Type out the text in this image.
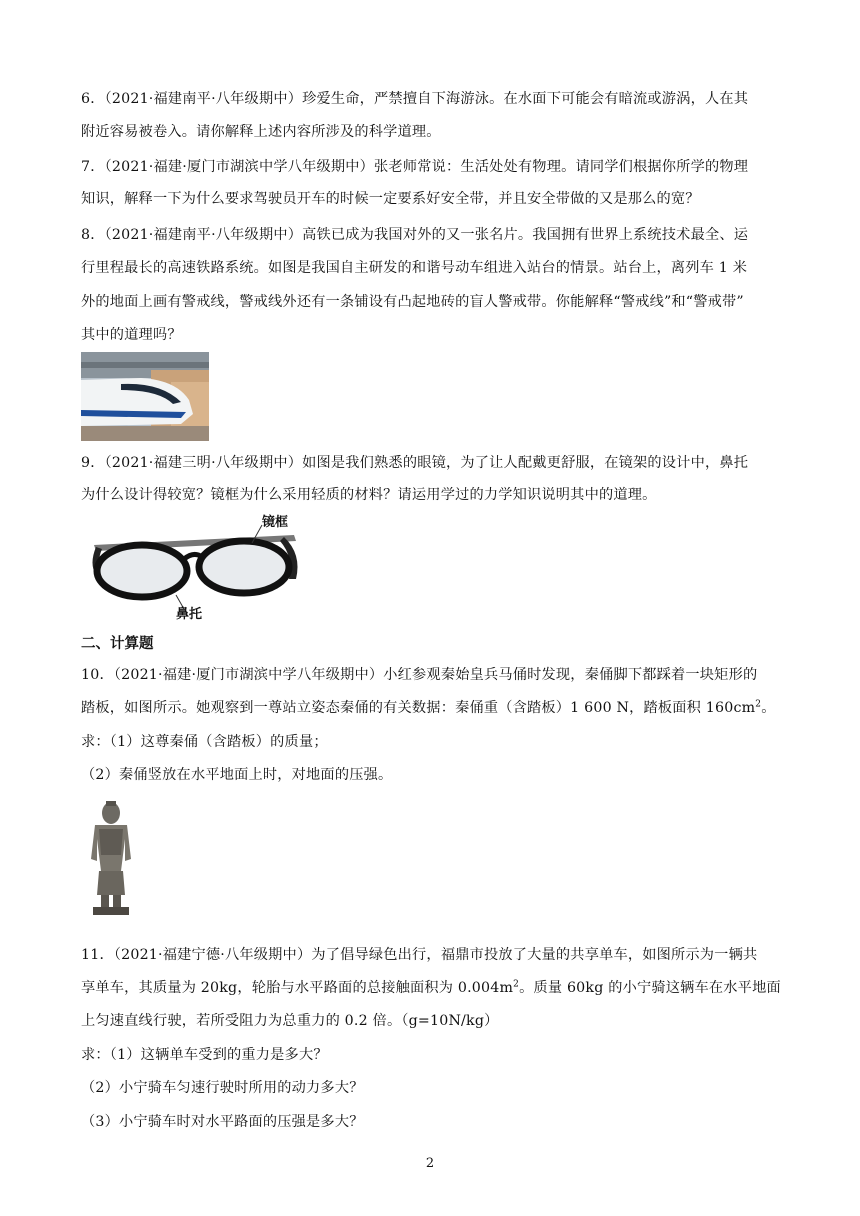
6．（2021·福建南平·八年级期中）珍爱生命，严禁擅自下海游泳。在水面下可能会有暗流或游涡，人在其

附近容易被卷入。请你解释上述内容所涉及的科学道理。

7．（2021·福建·厦门市湖滨中学八年级期中）张老师常说：生活处处有物理。请同学们根据你所学的物理

知识，解释一下为什么要求驾驶员开车的时候一定要系好安全带，并且安全带做的又是那么的宽？

8．（2021·福建南平·八年级期中）高铁已成为我国对外的又一张名片。我国拥有世界上系统技术最全、运

行里程最长的高速铁路系统。如图是我国自主研发的和谐号动车组进入站台的情景。站台上，离列车 1 米

外的地面上画有警戒线，警戒线外还有一条铺设有凸起地砖的盲人警戒带。你能解释“警戒线”和“警戒带”

其中的道理吗？

9．（2021·福建三明·八年级期中）如图是我们熟悉的眼镜，为了让人配戴更舒服，在镜架的设计中，鼻托

为什么设计得较宽？镜框为什么采用轻质的材料？请运用学过的力学知识说明其中的道理。

镜框
鼻托

二、计算题

10．（2021·福建·厦门市湖滨中学八年级期中）小红参观秦始皇兵马俑时发现，秦俑脚下都踩着一块矩形的

踏板，如图所示。她观察到一尊站立姿态秦俑的有关数据：秦俑重（含踏板）1 600 N，踏板面积 $160cm^2$。

求：（1）这尊秦俑（含踏板）的质量；

（2）秦俑竖放在水平地面上时，对地面的压强。

11．（2021·福建宁德·八年级期中）为了倡导绿色出行，福鼎市投放了大量的共享单车，如图所示为一辆共

享单车，其质量为 20kg，轮胎与水平路面的总接触面积为 $0.004m^2$。质量 60kg 的小宁骑这辆车在水平地面

上匀速直线行驶，若所受阻力为总重力的 0.2 倍。（g=10N/kg）

求：（1）这辆单车受到的重力是多大？

（2）小宁骑车匀速行驶时所用的动力多大？

（3）小宁骑车时对水平路面的压强是多大？

2
